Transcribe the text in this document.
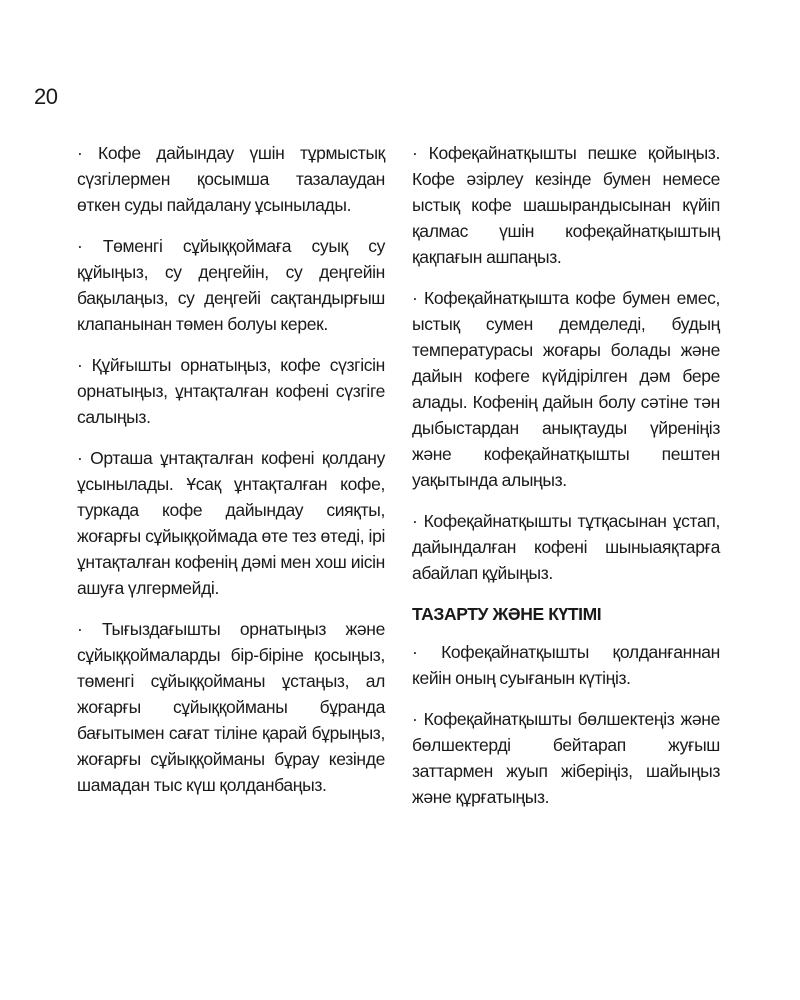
20

· Кофе дайындау үшін тұрмыстық сүзгілермен қосымша тазалаудан өткен суды пайдалану ұсынылады.

· Төменгі сұйыққоймаға суық су құйыңыз, су деңгейін, су деңгейін бақылаңыз, су деңгейі сақтандырғыш клапанынан төмен болуы керек.

· Құйғышты орнатыңыз, кофе сүзгісін орнатыңыз, ұнтақталған кофені сүзгіге салыңыз.

· Орташа ұнтақталған кофені қолдану ұсынылады. Ұсақ ұнтақталған кофе, туркада кофе дайындау сияқты, жоғарғы сұйыққоймада өте тез өтеді, ірі ұнтақталған кофенің дәмі мен хош иісін ашуға үлгермейді.

· Тығыздағышты орнатыңыз және сұйыққоймаларды бір-біріне қосыңыз, төменгі сұйыққойманы ұстаңыз, ал жоғарғы сұйыққойманы бұранда бағытымен сағат тіліне қарай бұрыңыз, жоғарғы сұйыққойманы бұрау кезінде шамадан тыс күш қолданбаңыз.

· Кофеқайнатқышты пешке қойыңыз. Кофе әзірлеу кезінде бумен немесе ыстық кофе шашырандысынан күйіп қалмас үшін кофеқайнатқыштың қақпағын ашпаңыз.

· Кофеқайнатқышта кофе бумен емес, ыстық сумен демделеді, будың температурасы жоғары болады және дайын кофеге күйдірілген дәм бере алады. Кофенің дайын болу сәтіне тән дыбыстардан анықтауды үйреніңіз және кофеқайнатқышты пештен уақытында алыңыз.

· Кофеқайнатқышты тұтқасынан ұстап, дайындалған кофені шыныаяқтарға абайлап құйыңыз.

ТАЗАРТУ ЖӘНЕ КҮТІМІ

· Кофеқайнатқышты қолданғаннан кейін оның суығанын күтіңіз.

· Кофеқайнатқышты бөлшектеңіз және бөлшектерді бейтарап жуғыш заттармен жуып жіберіңіз, шайыңыз және құрғатыңыз.
